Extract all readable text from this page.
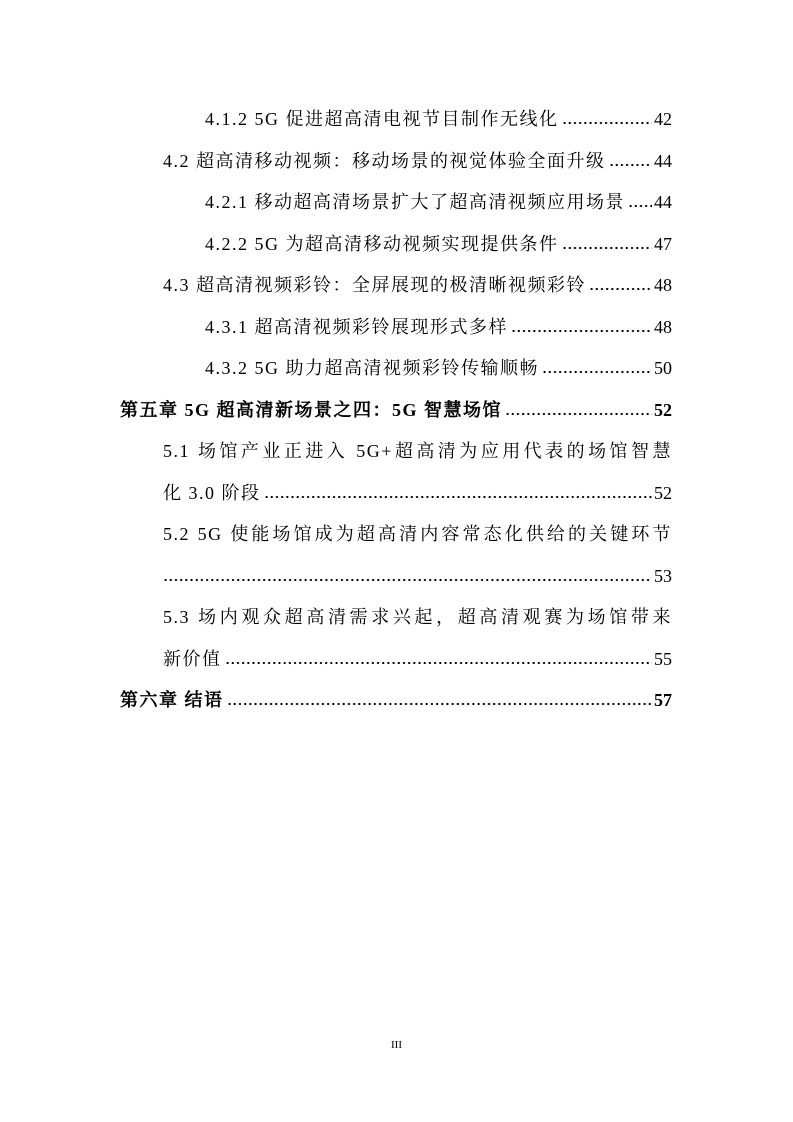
4.1.2 5G 促进超高清电视节目制作无线化	42
4.2 超高清移动视频：移动场景的视觉体验全面升级	44
4.2.1 移动超高清场景扩大了超高清视频应用场景 44
4.2.2 5G 为超高清移动视频实现提供条件	47
4.3 超高清视频彩铃：全屏展现的极清晰视频彩铃	48
4.3.1 超高清视频彩铃展现形式多样	48
4.3.2 5G 助力超高清视频彩铃传输顺畅	50
第五章 5G 超高清新场景之四：5G 智慧场馆	52
5.1 场馆产业正进入 5G+超高清为应用代表的场馆智慧
化 3.0 阶段	52
5.2 5G 使能场馆成为超高清内容常态化供给的关键环节
53
5.3 场内观众超高清需求兴起，超高清观赛为场馆带来
新价值	55
第六章 结语	57
III
